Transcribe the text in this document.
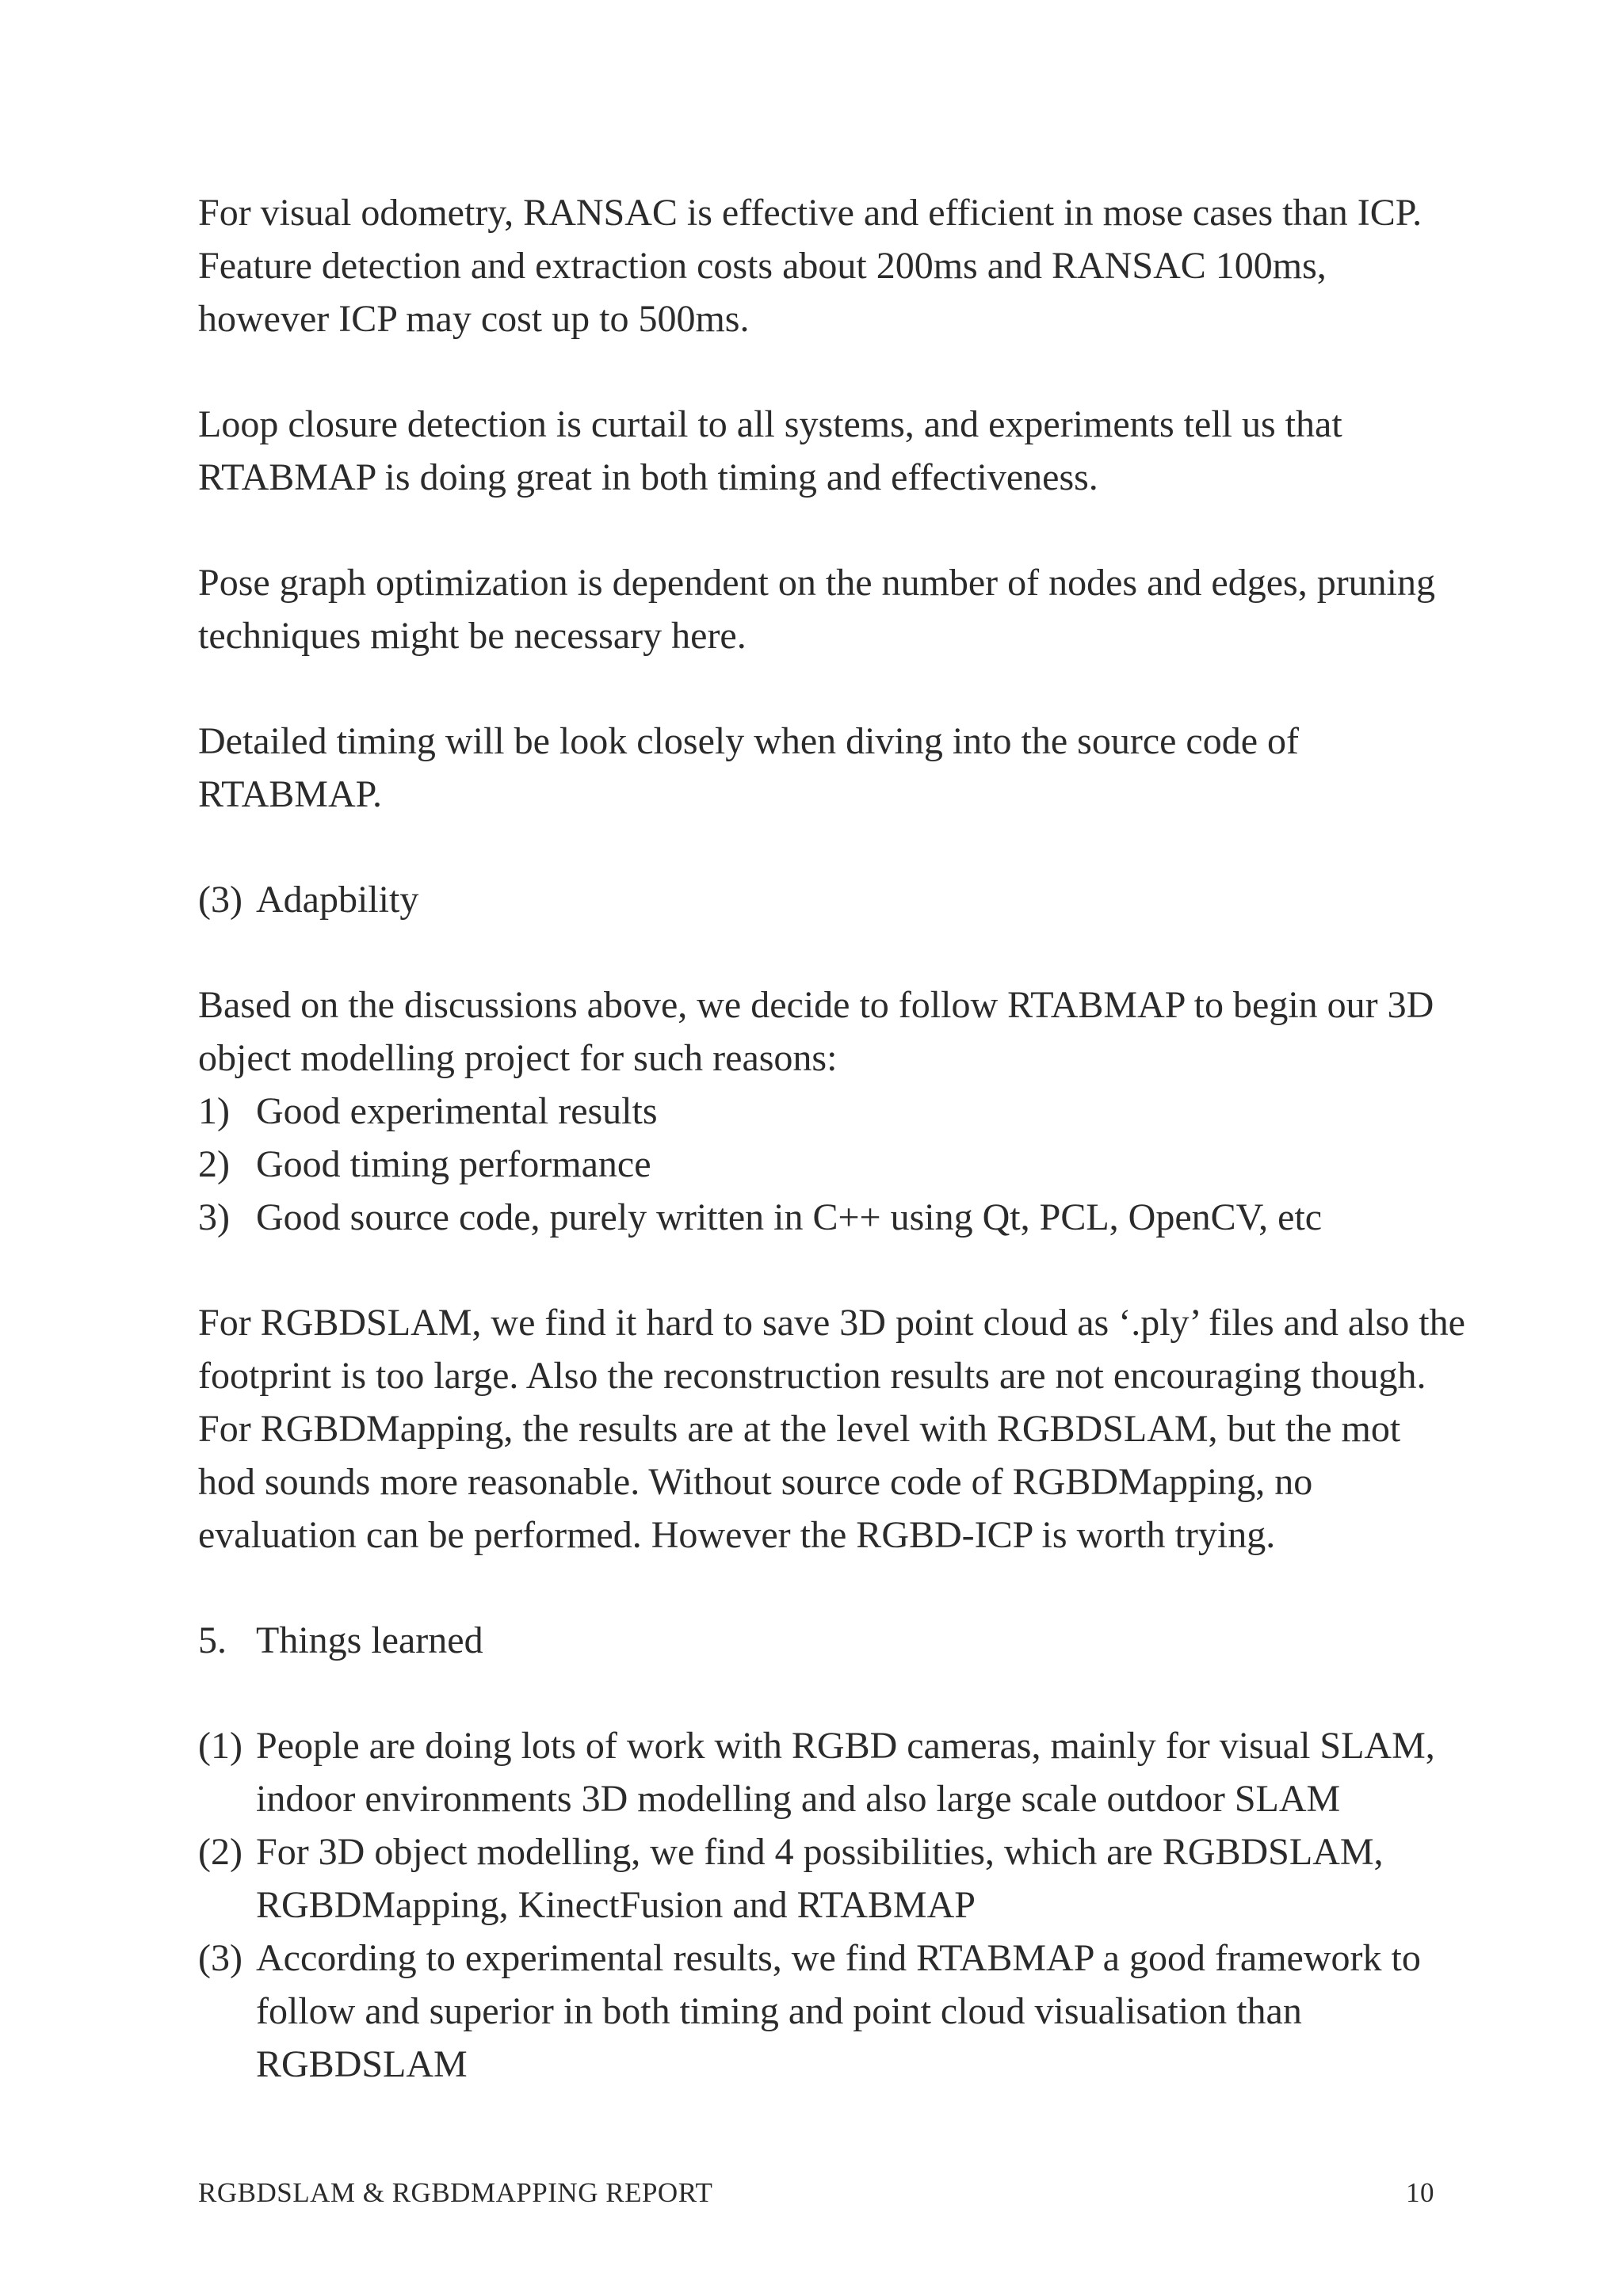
For visual odometry, RANSAC is effective and efficient in mose cases than ICP. Feature detection and extraction costs about 200ms and RANSAC 100ms, however ICP may cost up to 500ms.

Loop closure detection is curtail to all systems, and experiments tell us that RTABMAP is doing great in both timing and effectiveness.

Pose graph optimization is dependent on the number of nodes and edges, pruning techniques might be necessary here.

Detailed timing will be look closely when diving into the source code of RTABMAP.

(3) Adapbility

Based on the discussions above, we decide to follow RTABMAP to begin our 3D object modelling project for such reasons:

1) Good experimental results
2) Good timing performance
3) Good source code, purely written in C++ using Qt, PCL, OpenCV, etc

For RGBDSLAM, we find it hard to save 3D point cloud as ‘.ply’ files and also the footprint is too large. Also the reconstruction results are not encouraging though. For RGBDMapping, the results are at the level with RGBDSLAM, but the mot hod sounds more reasonable. Without source code of RGBDMapping, no evaluation can be performed. However the RGBD-ICP is worth trying.

5. Things learned
(1) People are doing lots of work with RGBD cameras, mainly for visual SLAM, indoor environments 3D modelling and also large scale outdoor SLAM
(2) For 3D object modelling, we find 4 possibilities, which are RGBDSLAM, RGBDMapping, KinectFusion and RTABMAP
(3) According to experimental results, we find RTABMAP a good framework to follow and superior in both timing and point cloud visualisation than RGBDSLAM
RGBDSLAM & RGBDMAPPING REPORT	10
